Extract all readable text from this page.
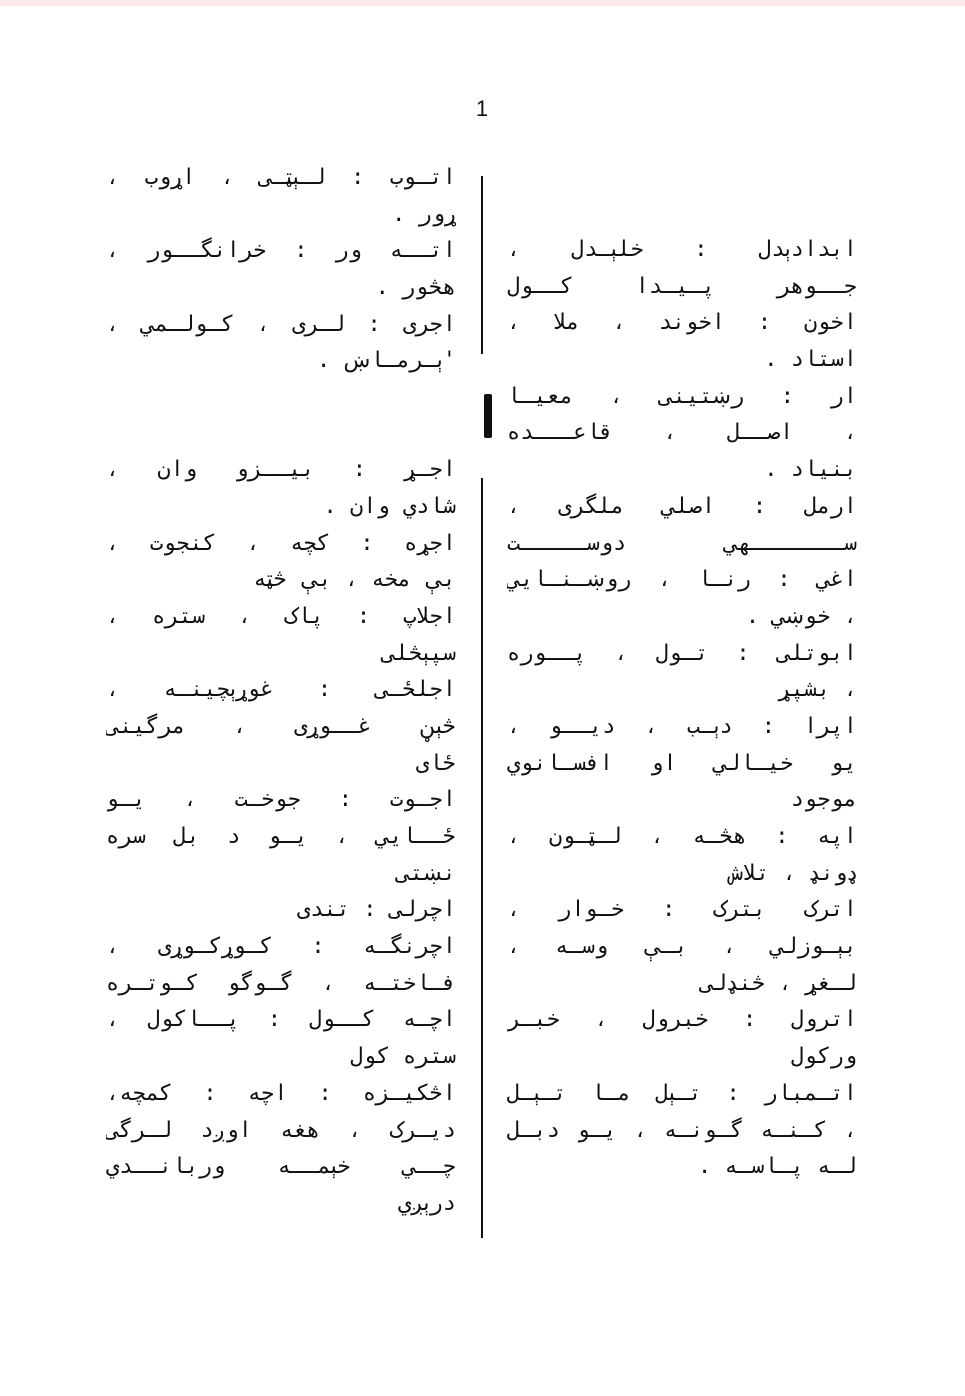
1
ابدادېدل : خلېـدل ،
جــوهر پـيـدا كــول
اخون : اخوند ، ملا ،
استاد .
ار : رښتينی ، معيـا
، اصــل ، قاعـــده
بنياد .
ارمل : اصلي ملگری ،
ســـــــهي دوســـــت
اغي : رنـا ، روښـنـايي
، خوښي .
ابوتلی : تـول ، پــوره
، بشپړ
اپرا : دېـب ، ديــو ،
يو خيـالي او افسـانوي
موجود
اپه : هڅـه ، لـټـون ،
ډونډ ، تلاش
اترک بترک : خـوار ،
بېـوزلي ، بـې وسـه ،
لـغړ ، څنډلی
اترول : خبرول ، خبـر
وركول
اتـمبار : تـېل مـا تـېـل
، کـنـه گـونـه ، يـو دبـل
لـه پـاسـه .
اتـوب : لـېټـی ، اړوب ،
ړور .
اتــه ور : خرانگــور ،
هڅور .
اجری : لـری ، کـولـمي ،
'ېـرمـاښ .
اجـړ : بيــزو وان ،
شادي وان .
اجړه : کچه ، کنجوت ،
بې مخه ، بې څټه
اجلاپ : پاک ، ستره ،
سپېڅلی
اجلځـی : غوړېچينـه ،
څېڼ غــوړی ، مرگينی
ځای
اجـوت : جوخـت ، يـو
ځــايي ، يـو د بل سره
نښتی
اچرلی : تندی
اچرنگـه : کـوړکـوړی ،
فـاختـه ، گـوگو کـوتـره
اچـه کــول : پــاکول ،
ستره کول
اڅکيـزه : اچه : کمچه،
ديـرک ، هغه اوږد لـرگی
چــي خېمــه وربانــدي
درېږي
